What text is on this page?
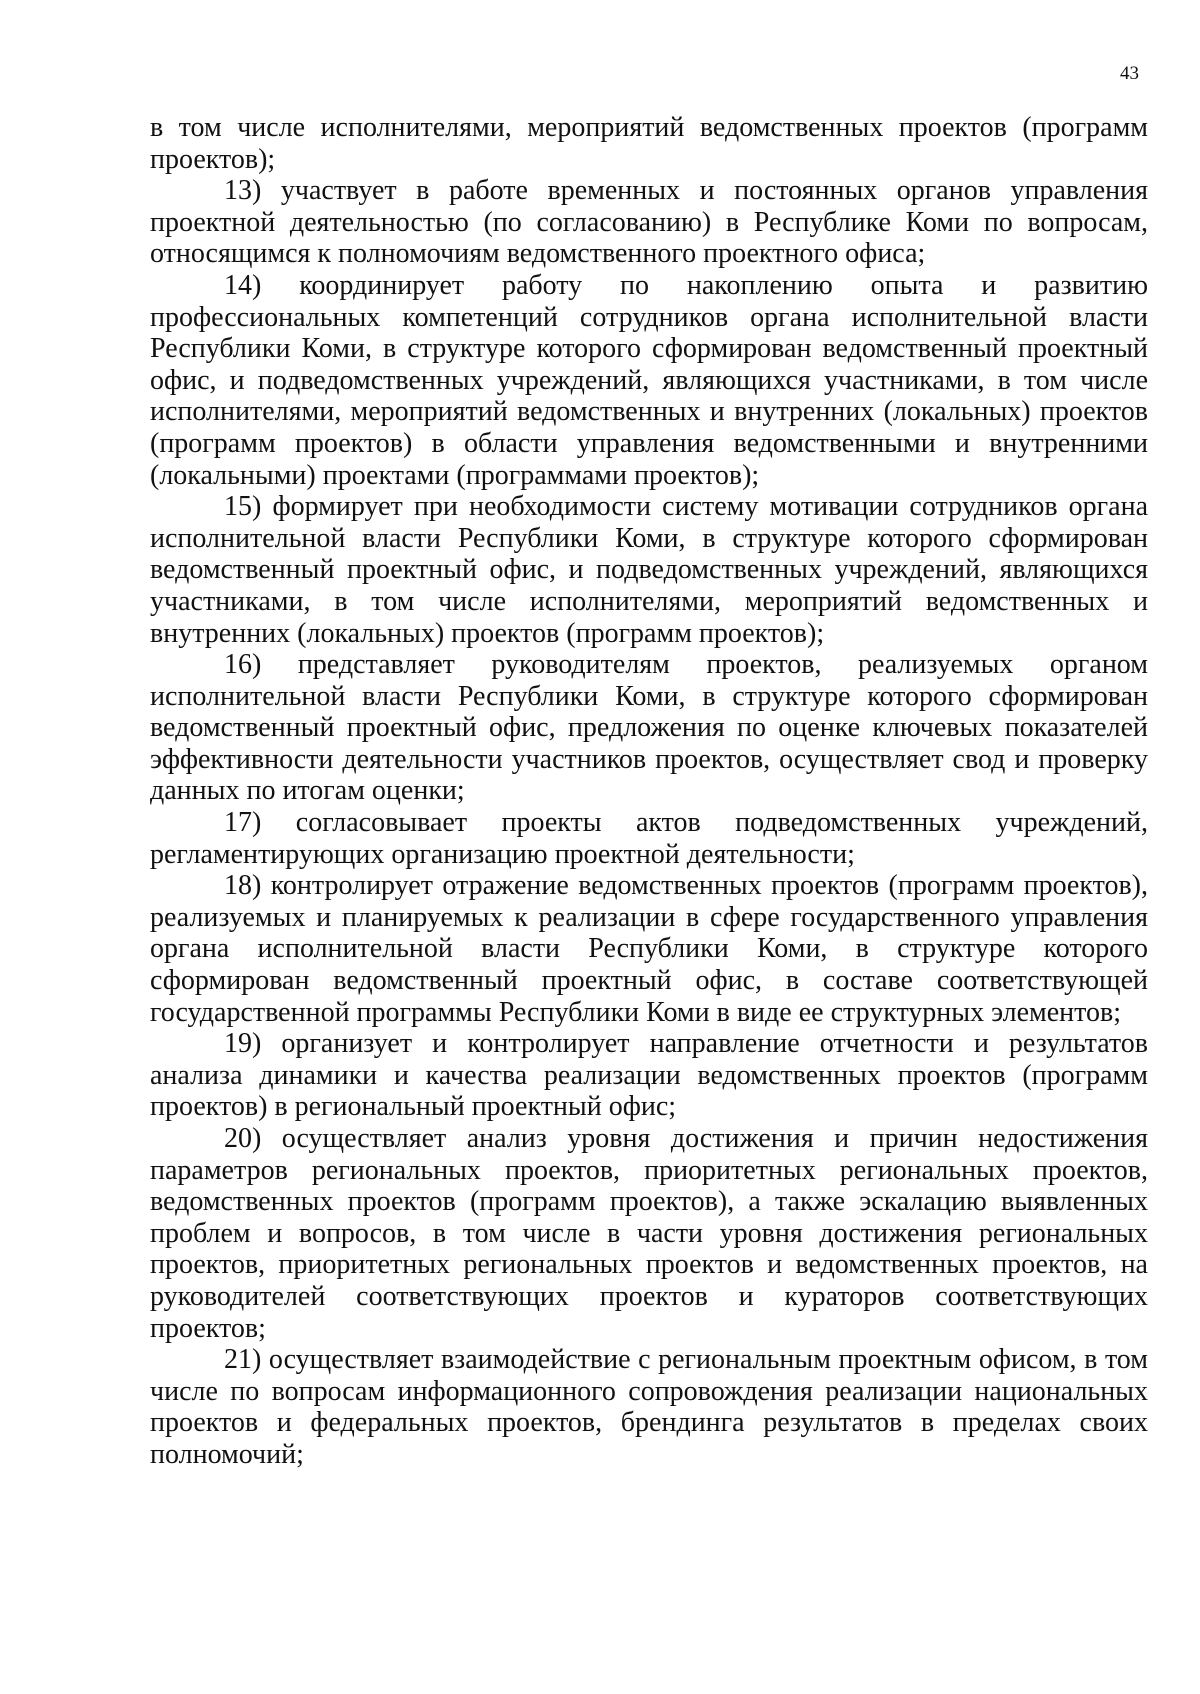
43

в том числе исполнителями, мероприятий ведомственных проектов (программ проектов);

13) участвует в работе временных и постоянных органов управления проектной деятельностью (по согласованию) в Республике Коми по вопросам, относящимся к полномочиям ведомственного проектного офиса;

14) координирует работу по накоплению опыта и развитию профессиональных компетенций сотрудников органа исполнительной власти Республики Коми, в структуре которого сформирован ведомственный проектный офис, и подведомственных учреждений, являющихся участниками, в том числе исполнителями, мероприятий ведомственных и внутренних (локальных) проектов (программ проектов) в области управления ведомственными и внутренними (локальными) проектами (программами проектов);

15) формирует при необходимости систему мотивации сотрудников органа исполнительной власти Республики Коми, в структуре которого сформирован ведомственный проектный офис, и подведомственных учреждений, являющихся участниками, в том числе исполнителями, мероприятий ведомственных и внутренних (локальных) проектов (программ проектов);

16) представляет руководителям проектов, реализуемых органом исполнительной власти Республики Коми, в структуре которого сформирован ведомственный проектный офис, предложения по оценке ключевых показателей эффективности деятельности участников проектов, осуществляет свод и проверку данных по итогам оценки;

17) согласовывает проекты актов подведомственных учреждений, регламентирующих организацию проектной деятельности;

18) контролирует отражение ведомственных проектов (программ проектов), реализуемых и планируемых к реализации в сфере государственного управления органа исполнительной власти Республики Коми, в структуре которого сформирован ведомственный проектный офис, в составе соответствующей государственной программы Республики Коми в виде ее структурных элементов;

19) организует и контролирует направление отчетности и результатов анализа динамики и качества реализации ведомственных проектов (программ проектов) в региональный проектный офис;

20) осуществляет анализ уровня достижения и причин недостижения параметров региональных проектов, приоритетных региональных проектов, ведомственных проектов (программ проектов), а также эскалацию выявленных проблем и вопросов, в том числе в части уровня достижения региональных проектов, приоритетных региональных проектов и ведомственных проектов, на руководителей соответствующих проектов и кураторов соответствующих проектов;

21) осуществляет взаимодействие с региональным проектным офисом, в том числе по вопросам информационного сопровождения реализации национальных проектов и федеральных проектов, брендинга результатов в пределах своих полномочий;
